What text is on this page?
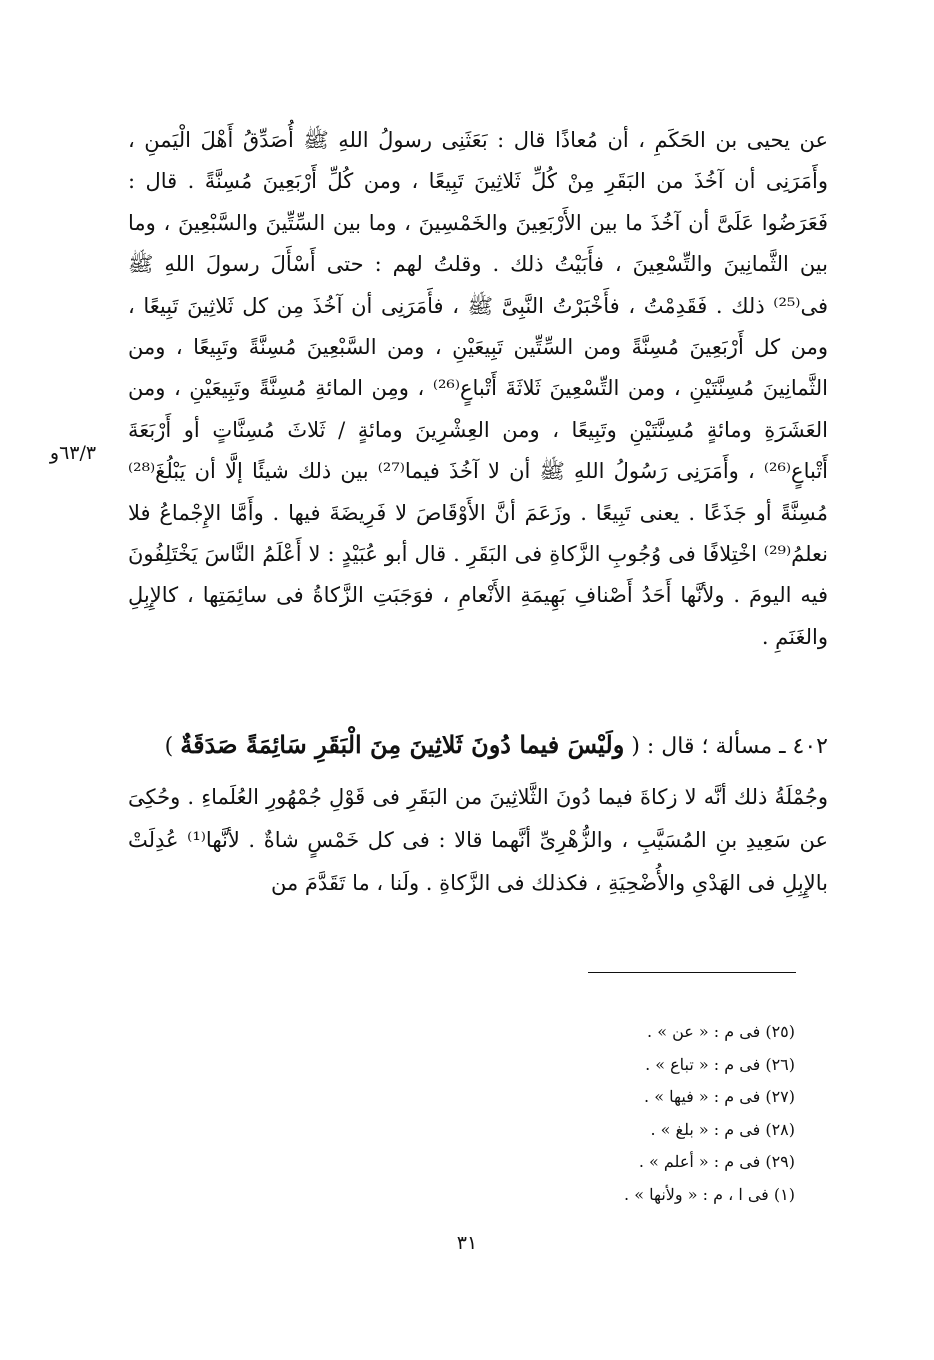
عن يحيى بن الحَكَمِ ، أن مُعاذًا قال : بَعَثَنِى رسولُ اللهِ ﷺ أُصَدِّقُ أَهْلَ الْيَمنِ ، وأَمَرَنِى أن آخُذَ من البَقَرِ مِنْ كُلِّ ثَلاثِينَ تَبِيعًا ، ومن كُلِّ أَرْبَعِينَ مُسِنَّةً . قال : فَعَرَضُوا عَلَىَّ أن آخُذَ ما بين الأَرْبَعِينَ والخَمْسِينَ ، وما بين السِّتِّينَ والسَّبْعِينَ ، وما بين الثَّمانِينَ والتِّسْعِينَ ، فأَبَيْتُ ذلك . وقلتُ لهم : حتى أَسْأَلَ رسولَ اللهِ ﷺ فى⁽²⁵⁾ ذلك . فَقَدِمْتُ ، فأَخْبَرْتُ النَّبِىَّ ﷺ ، فأَمَرَنِى أن آخُذَ مِن كل ثَلاثِينَ تَبِيعًا ، ومن كل أَرْبَعِينَ مُسِنَّةً ومن السِّتِّين تَبِيعَيْنِ ، ومن السَّبْعِينَ مُسِنَّةً وتَبِيعًا ، ومن الثَّمانِينَ مُسِنَّتَيْنِ ، ومن التِّسْعِينَ ثَلاثَةَ أَتْباعٍ⁽²⁶⁾ ، ومِن المائةِ مُسِنَّةً وتَبِيعَيْنِ ، ومن العَشَرَةِ ومائةٍ مُسِنَّتَيْنِ وتَبِيعًا ، ومن العِشْرِينَ ومائةٍ / ثَلاثَ مُسِنَّاتٍ أو أَرْبَعَةَ أَتْباعٍ⁽²⁶⁾ ، وأَمَرَنِى رَسُولُ اللهِ ﷺ أن لا آخُذَ فيما⁽²⁷⁾ بين ذلك شيئًا إلَّا أن يَبْلُغَ⁽²⁸⁾ مُسِنَّةً أو جَذَعًا . يعنى تَبِيعًا . وزَعَمَ أنَّ الأَوْقَاصَ لا فَرِيضَةَ فيها . وأَمَّا الإِجْماعُ فلا نعلمُ⁽²⁹⁾ اخْتِلافًا فى وُجُوبِ الزَّكاةِ فى البَقَرِ . قال أبو عُبَيْدٍ : لا أَعْلَمُ النَّاسَ يَخْتَلِفُونَ فيه اليومَ . ولأنَّها أَحَدُ أَصْنافِ بَهِيمَةِ الأَنْعامِ ، فوَجَبَتِ الزَّكاةُ فى سائِمَتِها ، كالإِبِلِ والغَنَمِ .

٦٣/٣و

٤٠٢ ـ مسألة ؛ قال : ( ولَيْسَ فيما دُونَ ثَلاثِينَ مِنَ الْبَقَرِ سَائِمَةً صَدَقَةٌ )

وجُمْلَةُ ذلك أنَّه لا زكاةَ فيما دُونَ الثَّلاثِينَ من البَقَرِ فى قَوْلِ جُمْهُورِ العُلَماءِ . وحُكِىَ عن سَعِيدِ بنِ المُسَيَّبِ ، والزُّهْرِىِّ أنَّهما قالا : فى كل خَمْسٍ شاةٌ . لأنَّها⁽¹⁾ عُدِلَتْ بالإِبِلِ فى الهَدْىِ والأُضْحِيَةِ ، فكذلك فى الزَّكاةِ . ولَنا ، ما تَقَدَّمَ من

(٢٥) فى م : « عن » .
(٢٦) فى م : « تباع » .
(٢٧) فى م : « فيها » .
(٢٨) فى م : « بلغ » .
(٢٩) فى م : « أعلم » .
(١) فى ا ، م : « ولأنها » .
٣١
